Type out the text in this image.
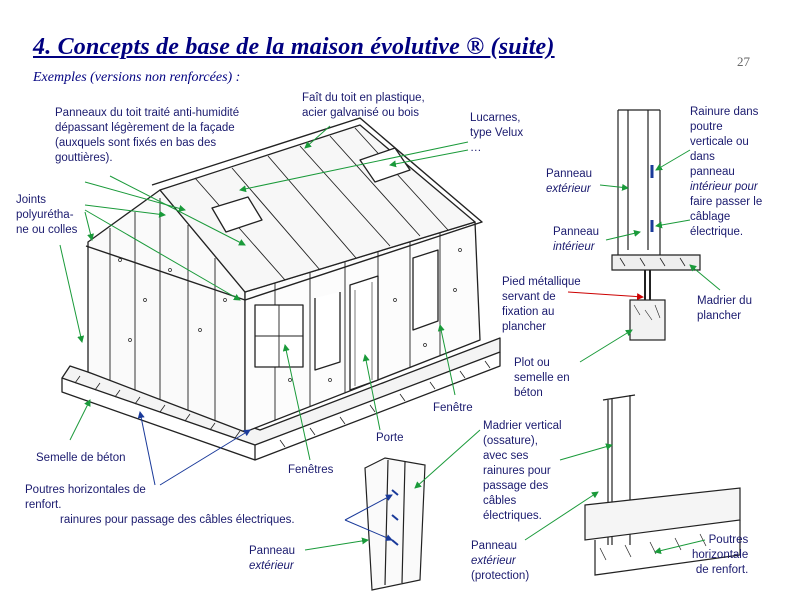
4. Concepts de base de la maison évolutive ® (suite)
Exemples (versions non renforcées) :
27
Panneaux du toit traité anti-humidité
dépassant légèrement de la façade
(auxquels sont fixés en bas des
gouttières).
Faît du toit en plastique,
acier galvanisé ou bois	Lucarnes,
type Velux
…
Joints
polyurétha-
ne ou colles
Panneau
extérieur
Panneau
intérieur
Rainure dans
poutre
verticale ou
dans
panneau
intérieur pour
faire passer le
câblage
électrique.
Pied métallique
servant de
fixation au
plancher
Madrier du
plancher
Plot ou
semelle en
béton
Fenêtre
Porte
Fenêtres
Semelle de béton
Poutres horizontales de
renfort.
rainures pour passage des câbles électriques.
Madrier vertical
(ossature),
avec ses
rainures pour
passage des
câbles
électriques.
Panneau
extérieur
Panneau
extérieur
(protection)
Poutres
horizontale
de renfort.
